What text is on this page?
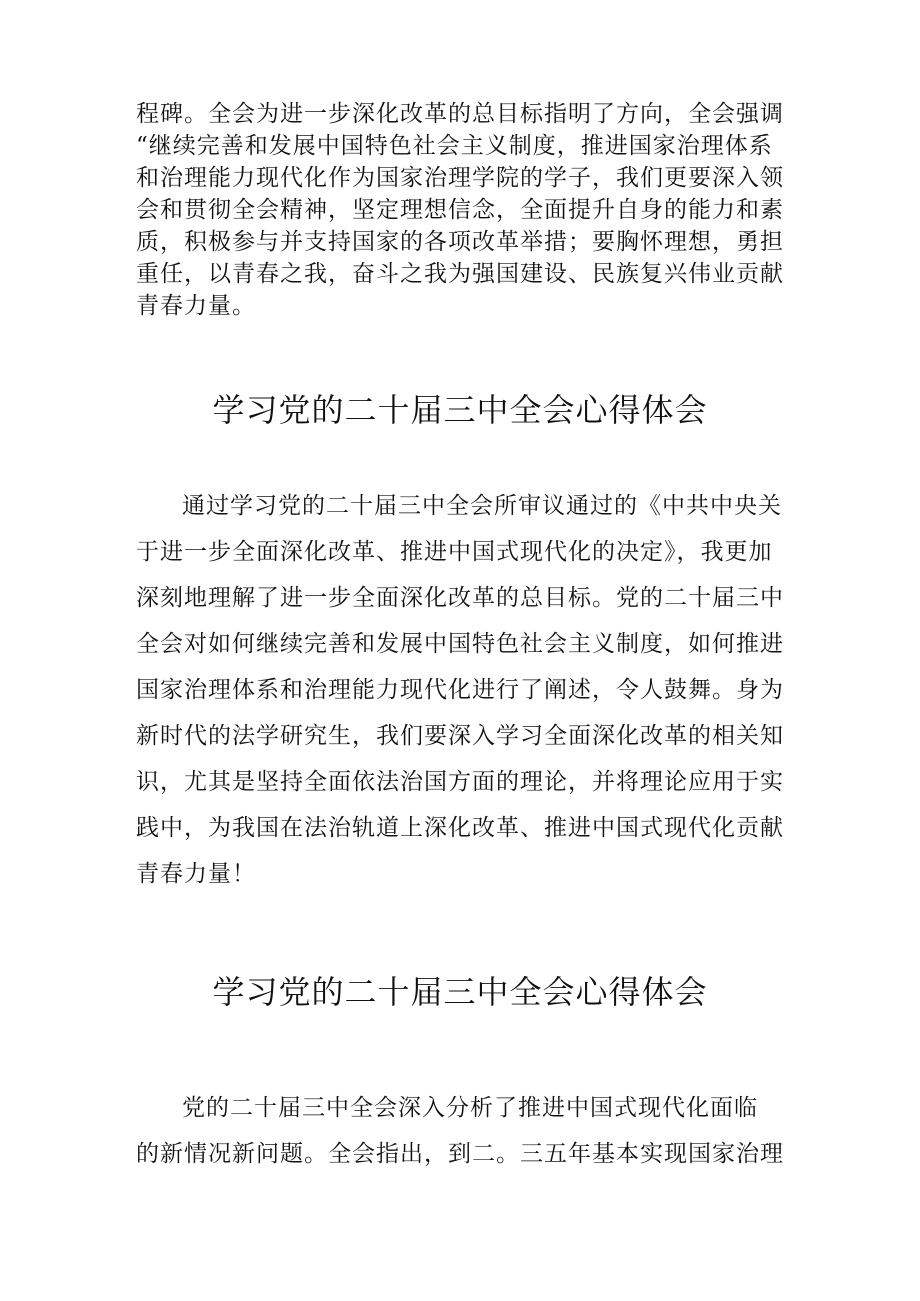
程碑。全会为进一步深化改革的总目标指明了方向，全会强调
“继续完善和发展中国特色社会主义制度，推进国家治理体系
和治理能力现代化作为国家治理学院的学子，我们更要深入领
会和贯彻全会精神，坚定理想信念，全面提升自身的能力和素
质，积极参与并支持国家的各项改革举措；要胸怀理想，勇担
重任，以青春之我，奋斗之我为强国建设、民族复兴伟业贡献
青春力量。
学习党的二十届三中全会心得体会
通过学习党的二十届三中全会所审议通过的《中共中央关
于进一步全面深化改革、推进中国式现代化的决定》，我更加
深刻地理解了进一步全面深化改革的总目标。党的二十届三中
全会对如何继续完善和发展中国特色社会主义制度，如何推进
国家治理体系和治理能力现代化进行了阐述，令人鼓舞。身为
新时代的法学研究生，我们要深入学习全面深化改革的相关知
识，尤其是坚持全面依法治国方面的理论，并将理论应用于实
践中，为我国在法治轨道上深化改革、推进中国式现代化贡献
青春力量！
学习党的二十届三中全会心得体会
党的二十届三中全会深入分析了推进中国式现代化面临
的新情况新问题。全会指出，到二。三五年基本实现国家治理
